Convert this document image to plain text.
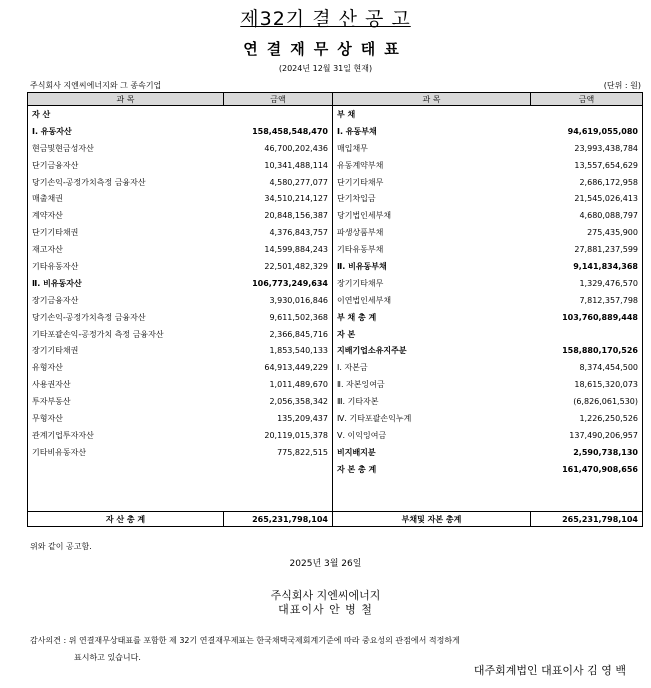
제32기 결 산 공 고
연결재무상태표
(2024년 12월 31일 현재)
주식회사 지엔씨에너지와 그 종속기업	(단위 : 원)
과 목	금액	과 목	금액
자 산		부 채	
Ⅰ. 유동자산	158,458,548,470	Ⅰ. 유동부채	94,619,055,080
현금및현금성자산	46,700,202,436	매입채무	23,993,438,784
단기금융자산	10,341,488,114	유동계약부채	13,557,654,629
당기손익-공정가치측정 금융자산	4,580,277,077	단기기타채무	2,686,172,958
매출채권	34,510,214,127	단기차입금	21,545,026,413
계약자산	20,848,156,387	당기법인세부채	4,680,088,797
단기기타채권	4,376,843,757	파생상품부채	275,435,900
재고자산	14,599,884,243	기타유동부채	27,881,237,599
기타유동자산	22,501,482,329	Ⅱ. 비유동부채	9,141,834,368
Ⅱ. 비유동자산	106,773,249,634	장기기타채무	1,329,476,570
장기금융자산	3,930,016,846	이연법인세부채	7,812,357,798
당기손익-공정가치측정 금융자산	9,611,502,368	부 채 총 계	103,760,889,448
기타포괄손익-공정가치 측정 금융자산	2,366,845,716	자 본	
장기기타채권	1,853,540,133	지배기업소유지주분	158,880,170,526
유형자산	64,913,449,229	Ⅰ. 자본금	8,374,454,500
사용권자산	1,011,489,670	Ⅱ. 자본잉여금	18,615,320,073
투자부동산	2,056,358,342	Ⅲ. 기타자본	(6,826,061,530)
무형자산	135,209,437	Ⅳ. 기타포괄손익누계	1,226,250,526
관계기업투자자산	20,119,015,378	Ⅴ. 이익잉여금	137,490,206,957
기타비유동자산	775,822,515	비지배지분	2,590,738,130
		자 본 총 계	161,470,908,656

자 산 총 계	265,231,798,104	부채및 자본 총계	265,231,798,104
위와 같이 공고함.
2025년 3월 26일
주식회사 지엔씨에너지
대표이사 안 병 철
감사의견 : 위 연결재무상태표를 포함한 제 32기 연결재무제표는 한국채택국제회계기준에 따라 중요성의 관점에서 적정하게
표시하고 있습니다.
대주회계법인 대표이사 김 영 백
